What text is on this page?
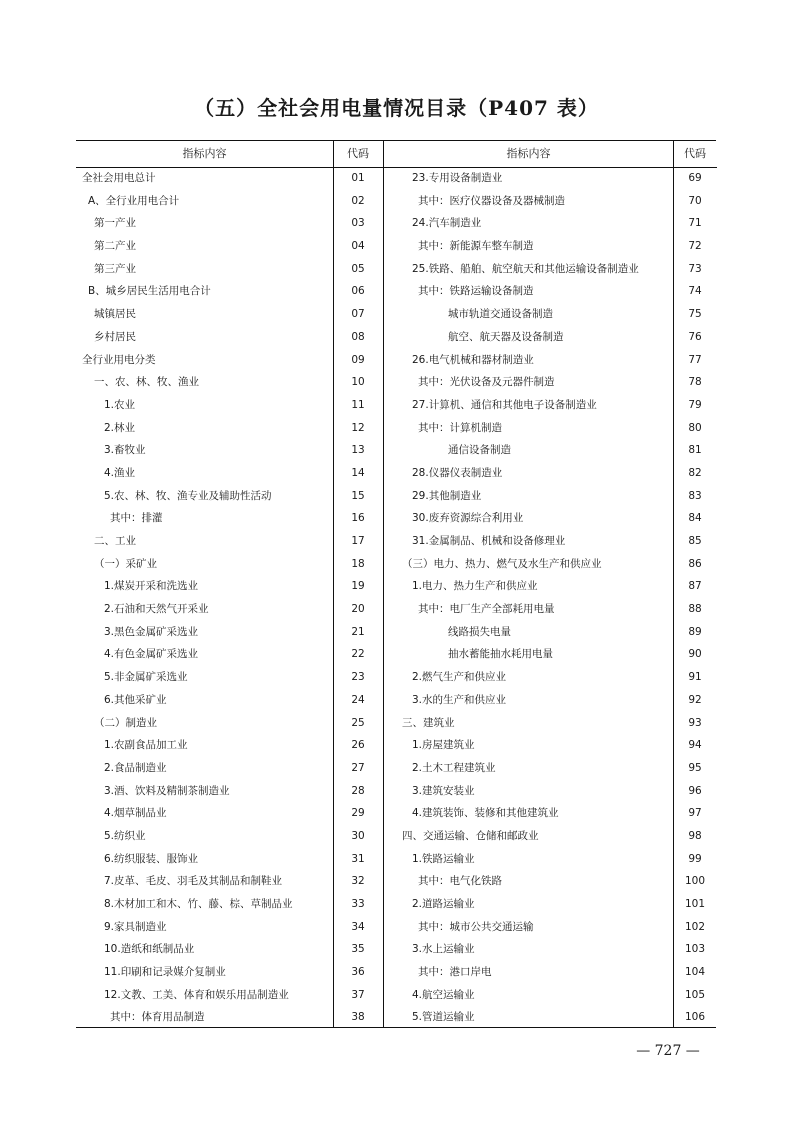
（五）全社会用电量情况目录（P407 表）
指标内容	代码
全社会用电总计	01
A、全行业用电合计	02
第一产业	03
第二产业	04
第三产业	05
B、城乡居民生活用电合计	06
城镇居民	07
乡村居民	08
全行业用电分类	09
一、农、林、牧、渔业	10
1.农业	11
2.林业	12
3.畜牧业	13
4.渔业	14
5.农、林、牧、渔专业及辅助性活动	15
其中：排灌	16
二、工业	17
（一）采矿业	18
1.煤炭开采和洗选业	19
2.石油和天然气开采业	20
3.黑色金属矿采选业	21
4.有色金属矿采选业	22
5.非金属矿采选业	23
6.其他采矿业	24
（二）制造业	25
1.农副食品加工业	26
2.食品制造业	27
3.酒、饮料及精制茶制造业	28
4.烟草制品业	29
5.纺织业	30
6.纺织服装、服饰业	31
7.皮革、毛皮、羽毛及其制品和制鞋业	32
8.木材加工和木、竹、藤、棕、草制品业	33
9.家具制造业	34
10.造纸和纸制品业	35
11.印刷和记录媒介复制业	36
12.文教、工美、体育和娱乐用品制造业	37
其中：体育用品制造	38
指标内容	代码
23.专用设备制造业	69
其中：医疗仪器设备及器械制造	70
24.汽车制造业	71
其中：新能源车整车制造	72
25.铁路、船舶、航空航天和其他运输设备制造业	73
其中：铁路运输设备制造	74
城市轨道交通设备制造	75
航空、航天器及设备制造	76
26.电气机械和器材制造业	77
其中：光伏设备及元器件制造	78
27.计算机、通信和其他电子设备制造业	79
其中：计算机制造	80
通信设备制造	81
28.仪器仪表制造业	82
29.其他制造业	83
30.废弃资源综合利用业	84
31.金属制品、机械和设备修理业	85
（三）电力、热力、燃气及水生产和供应业	86
1.电力、热力生产和供应业	87
其中：电厂生产全部耗用电量	88
线路损失电量	89
抽水蓄能抽水耗用电量	90
2.燃气生产和供应业	91
3.水的生产和供应业	92
三、建筑业	93
1.房屋建筑业	94
2.土木工程建筑业	95
3.建筑安装业	96
4.建筑装饰、装修和其他建筑业	97
四、交通运输、仓储和邮政业	98
1.铁路运输业	99
其中：电气化铁路	100
2.道路运输业	101
其中：城市公共交通运输	102
3.水上运输业	103
其中：港口岸电	104
4.航空运输业	105
5.管道运输业	106
— 727 —
